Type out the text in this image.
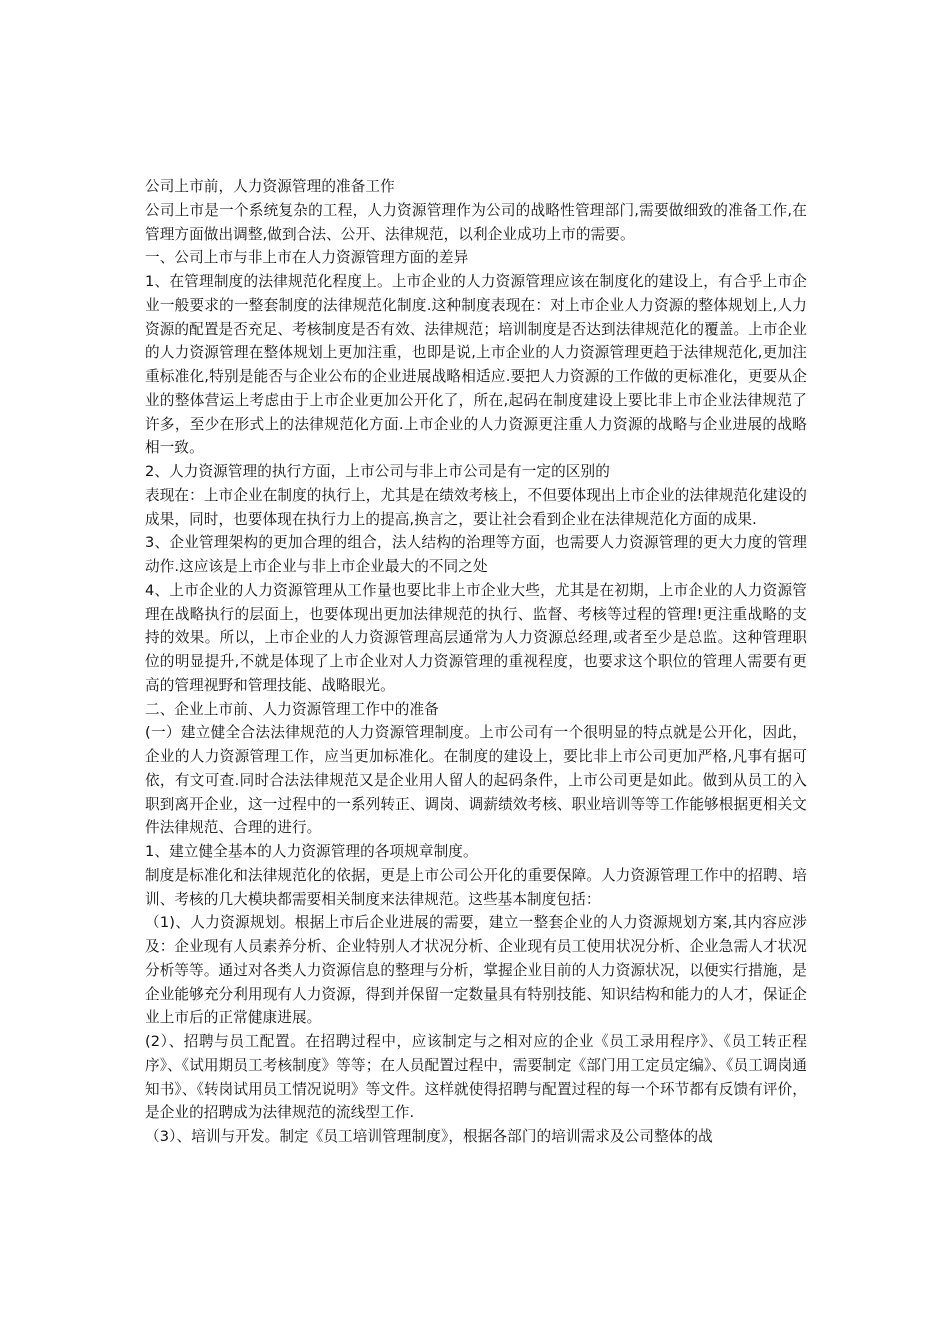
公司上市前，人力资源管理的准备工作

公司上市是一个系统复杂的工程，人力资源管理作为公司的战略性管理部门,需要做细致的准备工作,在管理方面做出调整,做到合法、公开、法律规范，以利企业成功上市的需要。

一、公司上市与非上市在人力资源管理方面的差异

1、在管理制度的法律规范化程度上。上市企业的人力资源管理应该在制度化的建设上，有合乎上市企业一般要求的一整套制度的法律规范化制度.这种制度表现在：对上市企业人力资源的整体规划上,人力资源的配置是否充足、考核制度是否有效、法律规范；培训制度是否达到法律规范化的覆盖。上市企业的人力资源管理在整体规划上更加注重，也即是说,上市企业的人力资源管理更趋于法律规范化,更加注重标准化,特别是能否与企业公布的企业进展战略相适应.要把人力资源的工作做的更标准化，更要从企业的整体营运上考虑由于上市企业更加公开化了，所在,起码在制度建设上要比非上市企业法律规范了许多，至少在形式上的法律规范化方面.上市企业的人力资源更注重人力资源的战略与企业进展的战略相一致。

2、人力资源管理的执行方面，上市公司与非上市公司是有一定的区别的

表现在：上市企业在制度的执行上，尤其是在绩效考核上，不但要体现出上市企业的法律规范化建设的成果，同时，也要体现在执行力上的提高,换言之，要让社会看到企业在法律规范化方面的成果.

3、企业管理架构的更加合理的组合，法人结构的治理等方面，也需要人力资源管理的更大力度的管理动作.这应该是上市企业与非上市企业最大的不同之处

4、上市企业的人力资源管理从工作量也要比非上市企业大些，尤其是在初期，上市企业的人力资源管理在战略执行的层面上，也要体现出更加法律规范的执行、监督、考核等过程的管理!更注重战略的支持的效果。所以，上市企业的人力资源管理高层通常为人力资源总经理,或者至少是总监。这种管理职位的明显提升,不就是体现了上市企业对人力资源管理的重视程度，也要求这个职位的管理人需要有更高的管理视野和管理技能、战略眼光。

二、企业上市前、人力资源管理工作中的准备

(一）建立健全合法法律规范的人力资源管理制度。上市公司有一个很明显的特点就是公开化，因此，企业的人力资源管理工作，应当更加标准化。在制度的建设上，要比非上市公司更加严格,凡事有据可依，有文可查.同时合法法律规范又是企业用人留人的起码条件，上市公司更是如此。做到从员工的入职到离开企业，这一过程中的一系列转正、调岗、调薪绩效考核、职业培训等等工作能够根据更相关文件法律规范、合理的进行。

1、建立健全基本的人力资源管理的各项规章制度。

制度是标准化和法律规范化的依据，更是上市公司公开化的重要保障。人力资源管理工作中的招聘、培训、考核的几大模块都需要相关制度来法律规范。这些基本制度包括：

（1)、人力资源规划。根据上市后企业进展的需要，建立一整套企业的人力资源规划方案,其内容应涉及：企业现有人员素养分析、企业特别人才状况分析、企业现有员工使用状况分析、企业急需人才状况分析等等。通过对各类人力资源信息的整理与分析，掌握企业目前的人力资源状况，以便实行措施，是企业能够充分利用现有人力资源，得到并保留一定数量具有特别技能、知识结构和能力的人才，保证企业上市后的正常健康进展。

(2）、招聘与员工配置。在招聘过程中，应该制定与之相对应的企业《员工录用程序》、《员工转正程序》、《试用期员工考核制度》等等；在人员配置过程中，需要制定《部门用工定员定编》、《员工调岗通知书》、《转岗试用员工情况说明》等文件。这样就使得招聘与配置过程的每一个环节都有反馈有评价，是企业的招聘成为法律规范的流线型工作.

（3）、培训与开发。制定《员工培训管理制度》，根据各部门的培训需求及公司整体的战
